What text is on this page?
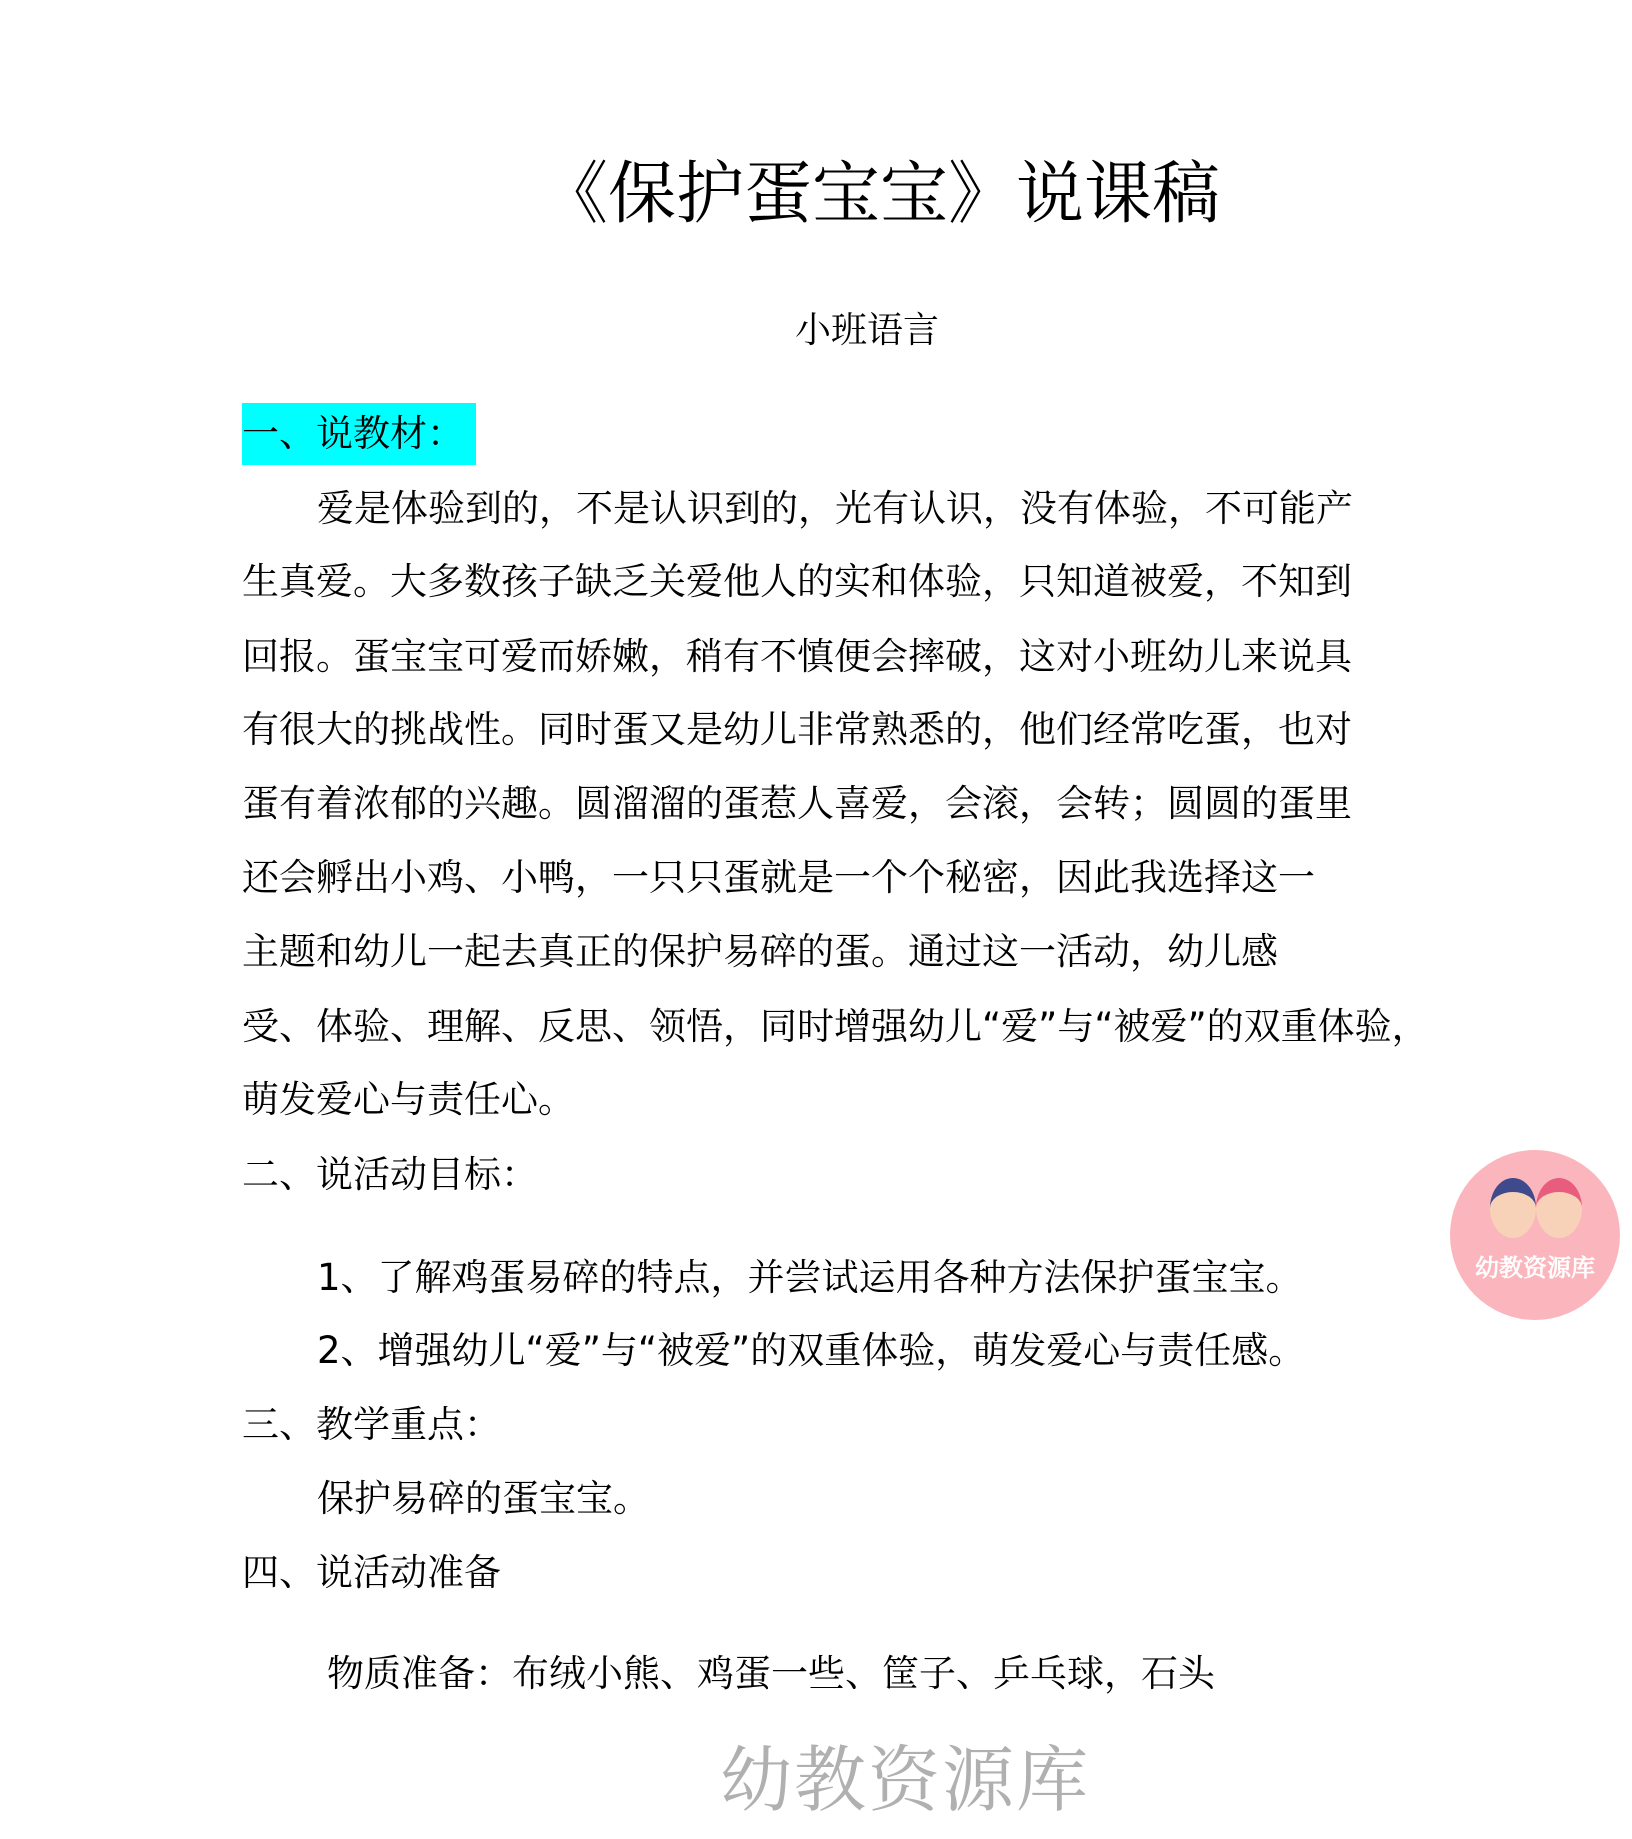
《保护蛋宝宝》说课稿
小班语言
一、说教材：
爱是体验到的，不是认识到的，光有认识，没有体验，不可能产
生真爱。大多数孩子缺乏关爱他人的实和体验，只知道被爱，不知到
回报。蛋宝宝可爱而娇嫩，稍有不慎便会摔破，这对小班幼儿来说具
有很大的挑战性。同时蛋又是幼儿非常熟悉的，他们经常吃蛋，也对
蛋有着浓郁的兴趣。圆溜溜的蛋惹人喜爱，会滚，会转；圆圆的蛋里
还会孵出小鸡、小鸭，一只只蛋就是一个个秘密，因此我选择这一
主题和幼儿一起去真正的保护易碎的蛋。通过这一活动，幼儿感
受、体验、理解、反思、领悟，同时增强幼儿“爱”与“被爱”的双重体验，
萌发爱心与责任心。
二、说活动目标：
1、了解鸡蛋易碎的特点，并尝试运用各种方法保护蛋宝宝。
2、增强幼儿“爱”与“被爱”的双重体验，萌发爱心与责任感。
三、教学重点：
保护易碎的蛋宝宝。
四、说活动准备
物质准备：布绒小熊、鸡蛋一些、筐子、乒乓球，石头
幼教资源库
幼教资源库
